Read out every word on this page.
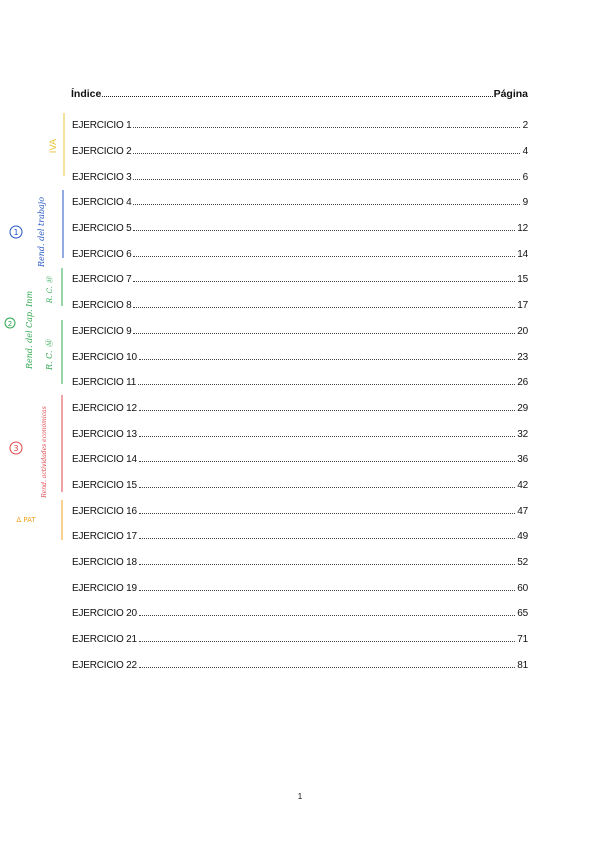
Índice	Página
EJERCICIO 1	2
EJERCICIO 2	4
EJERCICIO 3	6
EJERCICIO 4	9
EJERCICIO 5	12
EJERCICIO 6	14
EJERCICIO 7	15
EJERCICIO 8	17
EJERCICIO 9	20
EJERCICIO 10	23
EJERCICIO 11	26
EJERCICIO 12	29
EJERCICIO 13	32
EJERCICIO 14	36
EJERCICIO 15	42
EJERCICIO 16	47
EJERCICIO 17	49
EJERCICIO 18	52
EJERCICIO 19	60
EJERCICIO 20	65
EJERCICIO 21	71
EJERCICIO 22	81
IVA
1 Rend. del trabajo
2 Rend. del Cap. Inm
R. C. Ⓜ
R. C. Ⓜ
3	Rend. actividades económicas
Δ PAT
1
